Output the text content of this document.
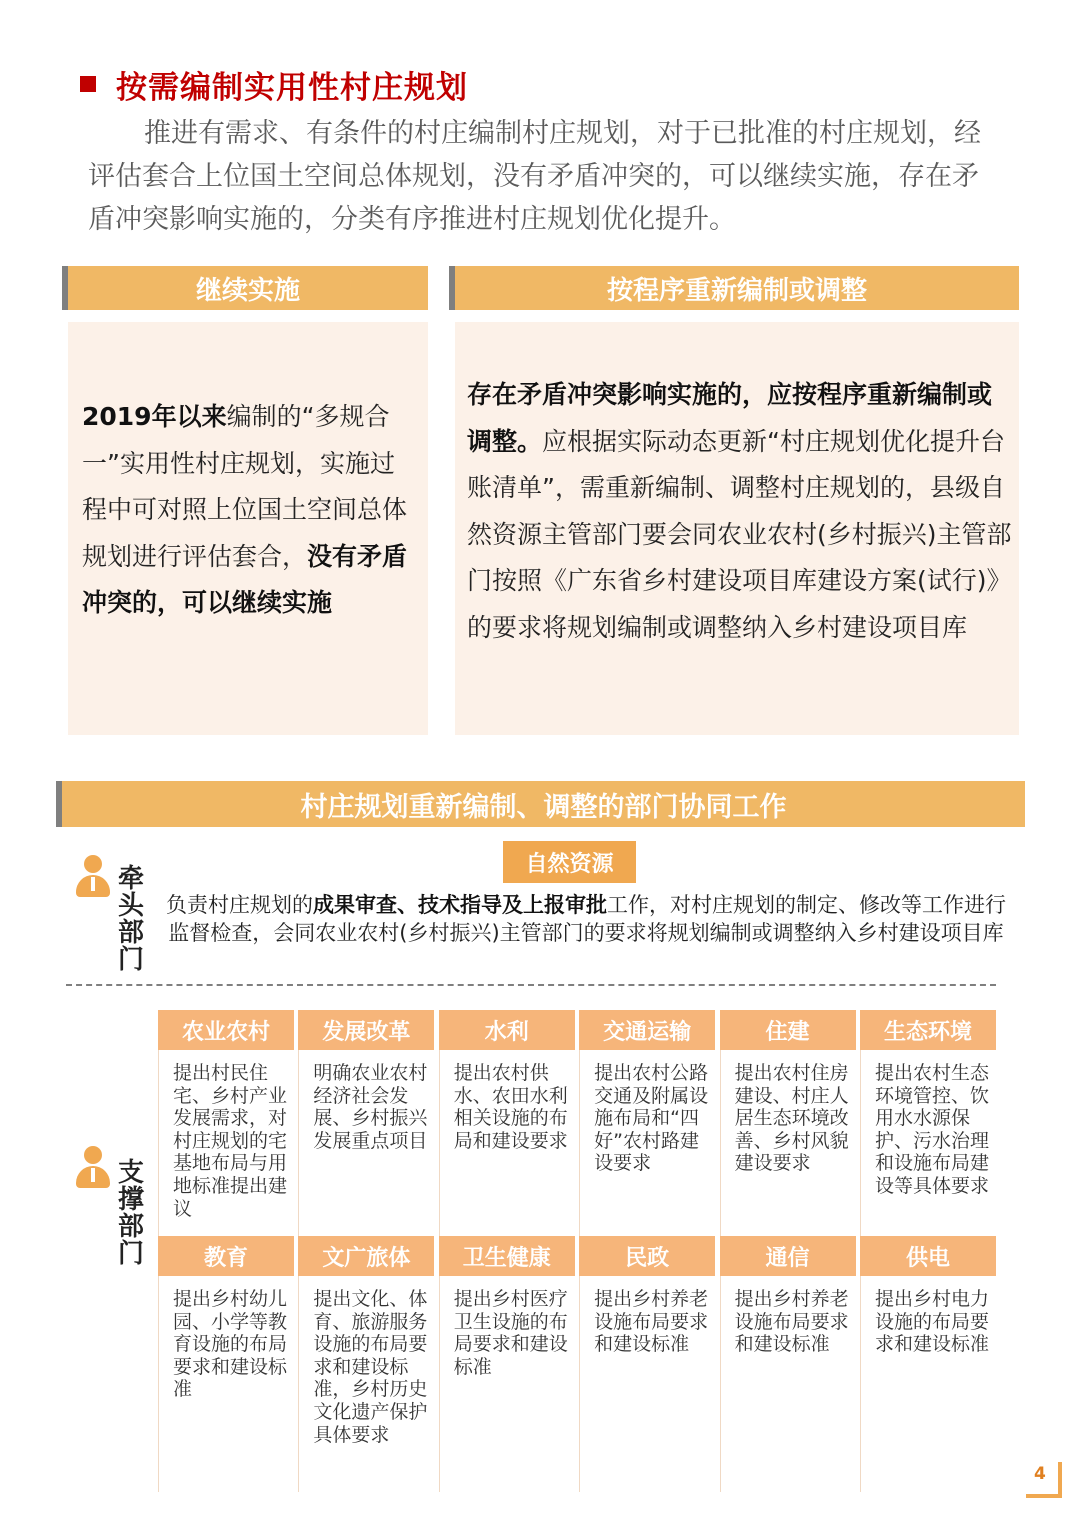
按需编制实用性村庄规划

推进有需求、有条件的村庄编制村庄规划，对于已批准的村庄规划，经评估套合上位国土空间总体规划，没有矛盾冲突的，可以继续实施，存在矛盾冲突影响实施的，分类有序推进村庄规划优化提升。

继续实施	按程序重新编制或调整
2019年以来编制的“多规合一”实用性村庄规划，实施过程中可对照上位国土空间总体规划进行评估套合，没有矛盾冲突的，可以继续实施
存在矛盾冲突影响实施的，应按程序重新编制或调整。应根据实际动态更新“村庄规划优化提升台账清单”，需重新编制、调整村庄规划的，县级自然资源主管部门要会同农业农村(乡村振兴)主管部门按照《广东省乡村建设项目库建设方案(试行)》的要求将规划编制或调整纳入乡村建设项目库
村庄规划重新编制、调整的部门协同工作
牵头部门
自然资源
负责村庄规划的成果审查、技术指导及上报审批工作，对村庄规划的制定、修改等工作进行监督检查，会同农业农村(乡村振兴)主管部门的要求将规划编制或调整纳入乡村建设项目库
支撑部门
农业农村
提出村民住宅、乡村产业发展需求，对村庄规划的宅基地布局与用地标准提出建议
发展改革
明确农业农村经济社会发展、乡村振兴发展重点项目
水利
提出农村供水、农田水利相关设施的布局和建设要求
交通运输
提出农村公路交通及附属设施布局和“四好”农村路建设要求
住建
提出农村住房建设、村庄人居生态环境改善、乡村风貌建设要求
生态环境
提出农村生态环境管控、饮用水水源保护、污水治理和设施布局建设等具体要求
教育
提出乡村幼儿园、小学等教育设施的布局要求和建设标准
文广旅体
提出文化、体育、旅游服务设施的布局要求和建设标准，乡村历史文化遗产保护具体要求
卫生健康
提出乡村医疗卫生设施的布局要求和建设标准
民政
提出乡村养老设施布局要求和建设标准
通信
提出乡村养老设施布局要求和建设标准
供电
提出乡村电力设施的布局要求和建设标准
4
